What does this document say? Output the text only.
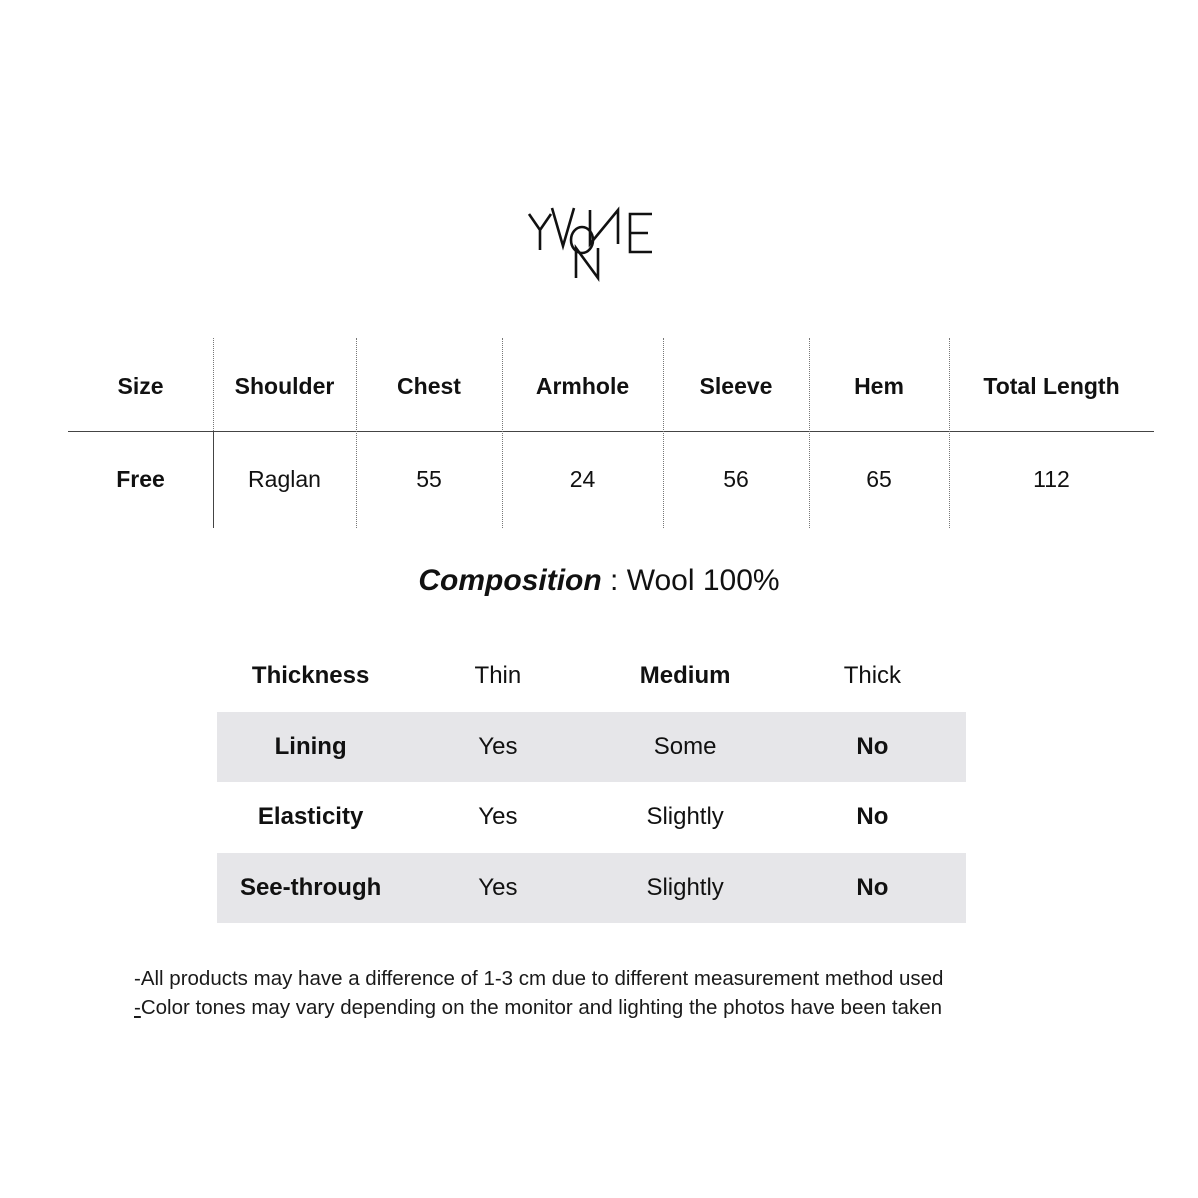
Size	Shoulder	Chest	Armhole	Sleeve	Hem	Total Length
Free	Raglan	55	24	56	65	112
Composition : Wool 100%
Thickness	Thin	Medium	Thick
Lining	Yes	Some	No
Elasticity	Yes	Slightly	No
See-through	Yes	Slightly	No
-All products may have a difference of 1-3 cm due to different measurement method used
-Color tones may vary depending on the monitor and lighting the photos have been taken
